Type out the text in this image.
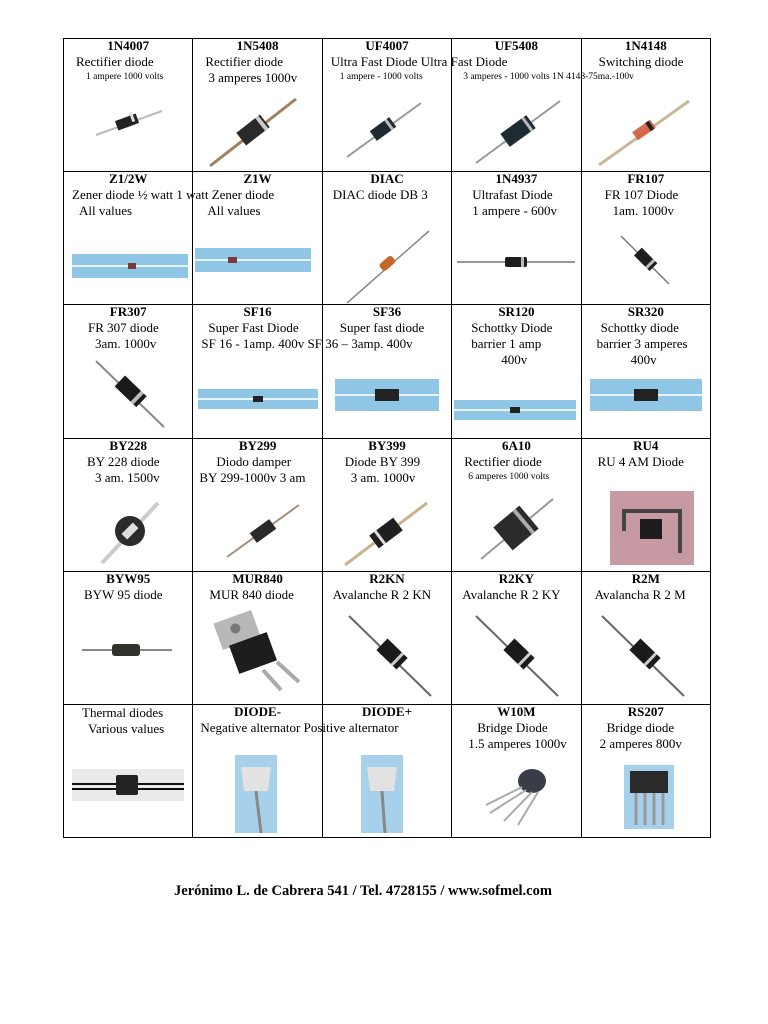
1N4007
Rectifier diode
1 ampere 1000 volts
1N5408
Rectifier diode
3 amperes 1000v
UF4007
Ultra Fast Diode Ultra Fast Diode
1 ampere - 1000 volts
UF5408
3 amperes - 1000 volts 1N 4148-75ma.-100v
1N4148
Switching diode
Z1/2W
Zener diode ½ watt 1 watt Zener diode
All values
Z1W
All values
DIAC
DIAC diode DB 3
1N4937
Ultrafast Diode
1 ampere - 600v
FR107
FR 107 Diode
1am. 1000v
FR307
FR 307 diode
3am. 1000v
SF16
Super Fast Diode
SF 16 - 1amp. 400v SF 36 – 3amp. 400v
SF36
Super fast diode
SR120
Schottky Diode
barrier 1 amp
400v
SR320
Schottky diode
barrier 3 amperes
400v
BY228
BY 228 diode
3 am. 1500v
BY299
Diodo damper
BY 299-1000v 3 am
BY399
Diode BY 399
3 am. 1000v
6A10
Rectifier diode
6 amperes 1000 volts
RU4
RU 4 AM Diode
BYW95
BYW 95 diode
MUR840
MUR 840 diode
R2KN
Avalanche R 2 KN
R2KY
Avalanche R 2 KY
R2M
Avalancha R 2 M
Thermal diodes
Various values
DIODE-
Negative alternator Positive alternator
DIODE+	W10M
Bridge Diode
1.5 amperes 1000v
RS207
Bridge diode
2 amperes 800v
Jerónimo L. de Cabrera 541 / Tel. 4728155 / www.sofmel.com
